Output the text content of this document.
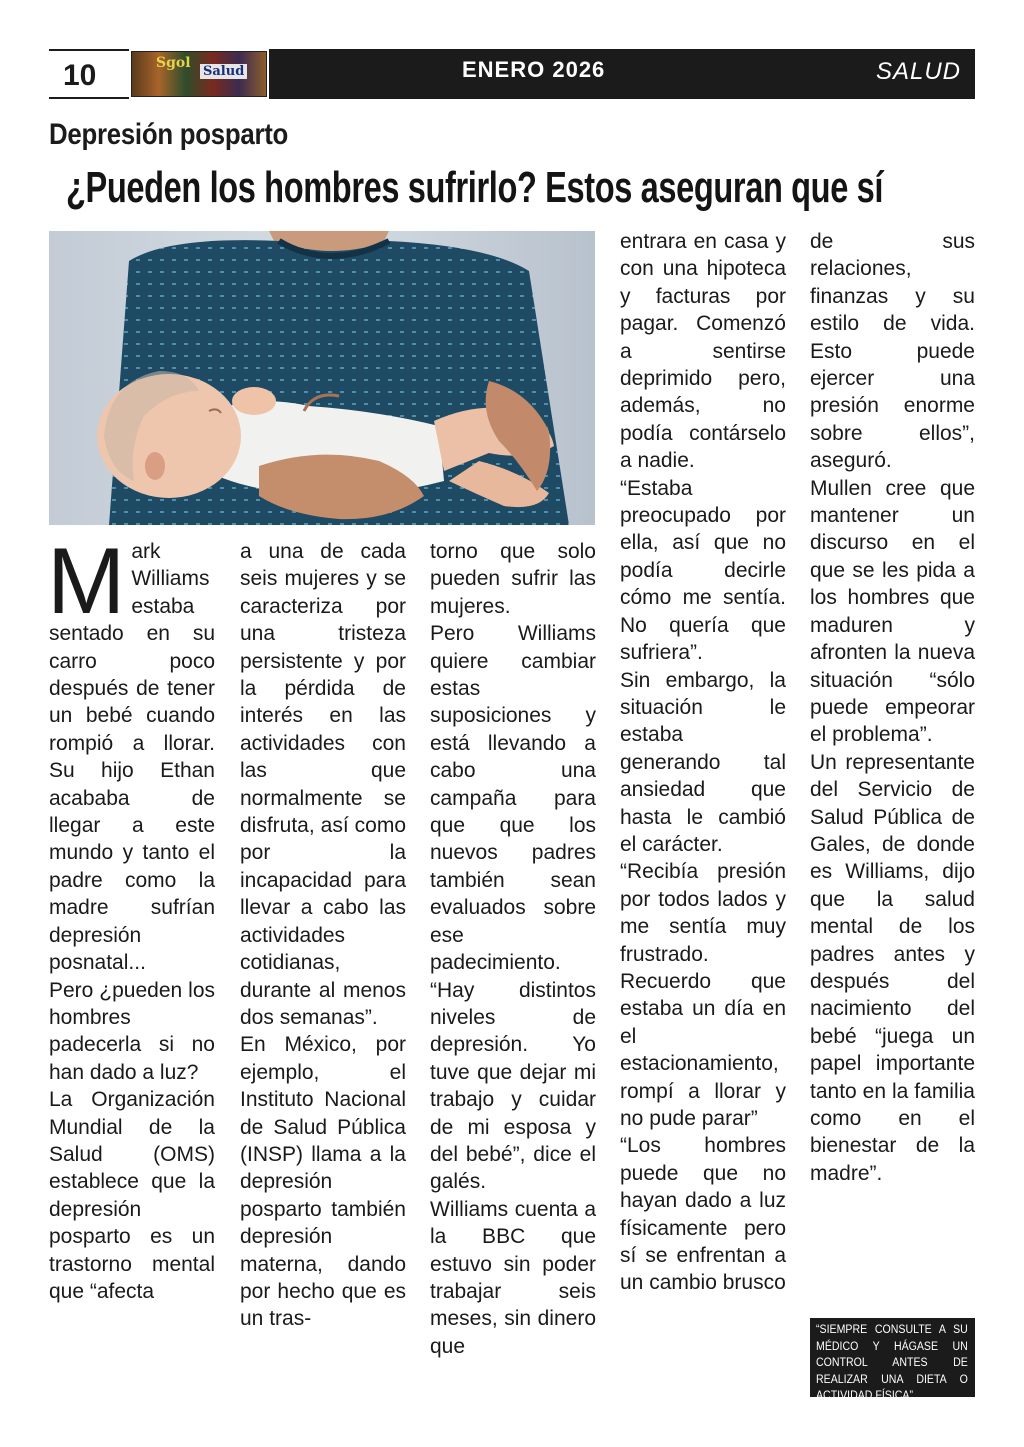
10	Sgol
Salud	ENERO 2026	SALUD
Depresión posparto
¿Pueden los hombres sufrirlo? Estos aseguran que sí
M ark Williams estaba sentado en su carro poco después de tener un bebé cuando rompió a llorar. Su hijo Ethan acababa de llegar a este mundo y tanto el padre como la madre sufrían depresión posnatal...

Pero ¿pueden los hombres padecerla si no han dado a luz?

La Organización Mundial de la Salud (OMS) establece que la depresión posparto es un trastorno mental que “afecta

a una de cada seis mujeres y se caracteriza por una tristeza persistente y por la pérdida de interés en las actividades con las que normalmente se disfruta, así como por la incapacidad para llevar a cabo las actividades cotidianas, durante al menos dos semanas”.

En México, por ejemplo, el Instituto Nacional de Salud Pública (INSP) llama a la depresión posparto también depresión materna, dando por hecho que es un tras-

torno que solo pueden sufrir las mujeres.

Pero Williams quiere cambiar estas suposiciones y está llevando a cabo una campaña para que que los nuevos padres también sean evaluados sobre ese padecimiento.

“Hay distintos niveles de depresión. Yo tuve que dejar mi trabajo y cuidar de mi esposa y del bebé”, dice el galés.

Williams cuenta a la BBC que estuvo sin poder trabajar seis meses, sin dinero que

entrara en casa y con una hipoteca y facturas por pagar. Comenzó a sentirse deprimido pero, además, no podía contárselo a nadie.

“Estaba preocupado por ella, así que no podía decirle cómo me sentía. No quería que sufriera”.

Sin embargo, la situación le estaba generando tal ansiedad que hasta le cambió el carácter.

“Recibía presión por todos lados y me sentía muy frustrado. Recuerdo que estaba un día en el estacionamiento, rompí a llorar y no pude parar”

“Los hombres puede que no hayan dado a luz físicamente pero sí se enfrentan a un cambio brusco

de sus relaciones, finanzas y su estilo de vida. Esto puede ejercer una presión enorme sobre ellos”, aseguró.

Mullen cree que mantener un discurso en el que se les pida a los hombres que maduren y afronten la nueva situación “sólo puede empeorar el problema”.

Un representante del Servicio de Salud Pública de Gales, de donde es Williams, dijo que la salud mental de los padres antes y después del nacimiento del bebé “juega un papel importante tanto en la familia como en el bienestar de la madre”.

“SIEMPRE CONSULTE A SU MÉDICO Y HÁGASE UN CONTROL ANTES DE REALIZAR UNA DIETA O ACTIVIDAD FÍSICA”
